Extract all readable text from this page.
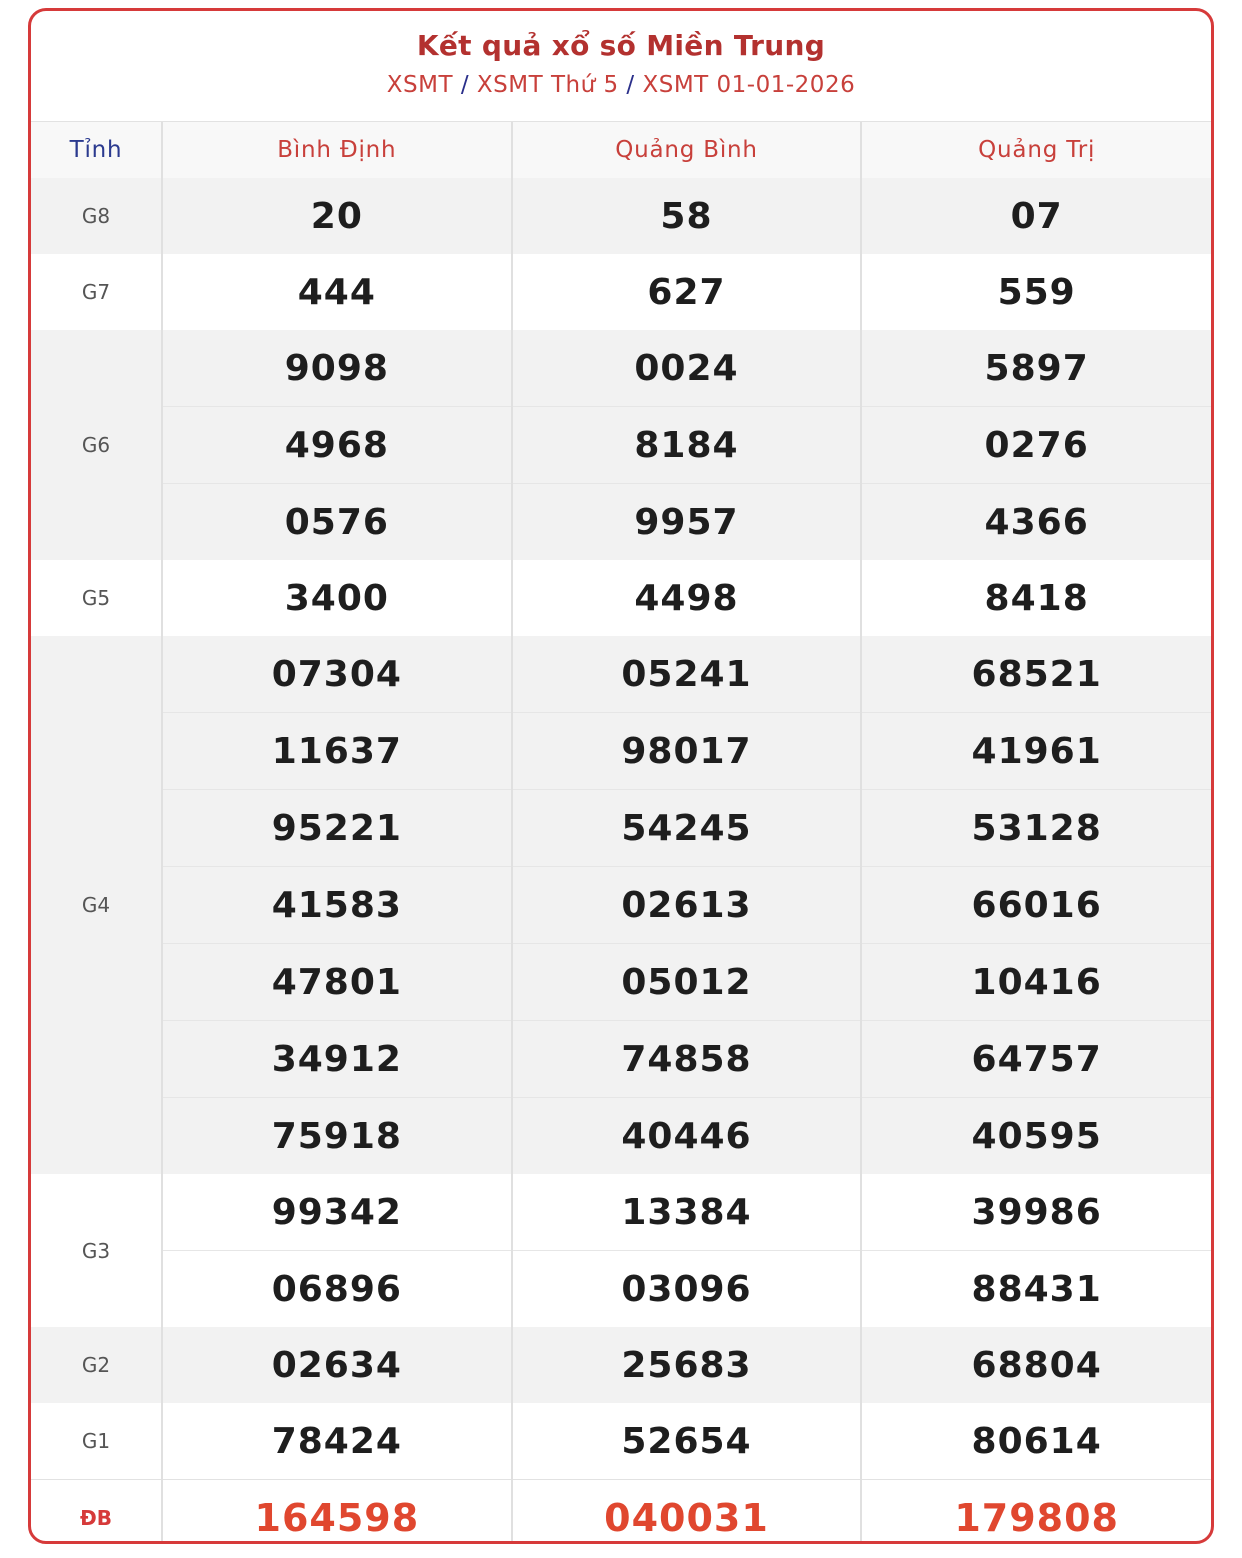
Kết quả xổ số Miền Trung
XSMT / XSMT Thứ 5 / XSMT 01-01-2026
Tỉnh	Bình Định	Quảng Bình	Quảng Trị
G8	20	58	07
G7	444	627	559
G6	9098	0024	5897
	4968	8184	0276
	0576	9957	4366
G5	3400	4498	8418
G4	07304	05241	68521
	11637	98017	41961
	95221	54245	53128
	41583	02613	66016
	47801	05012	10416
	34912	74858	64757
	75918	40446	40595
G3	99342	13384	39986
	06896	03096	88431
G2	02634	25683	68804
G1	78424	52654	80614
ĐB	164598	040031	179808
